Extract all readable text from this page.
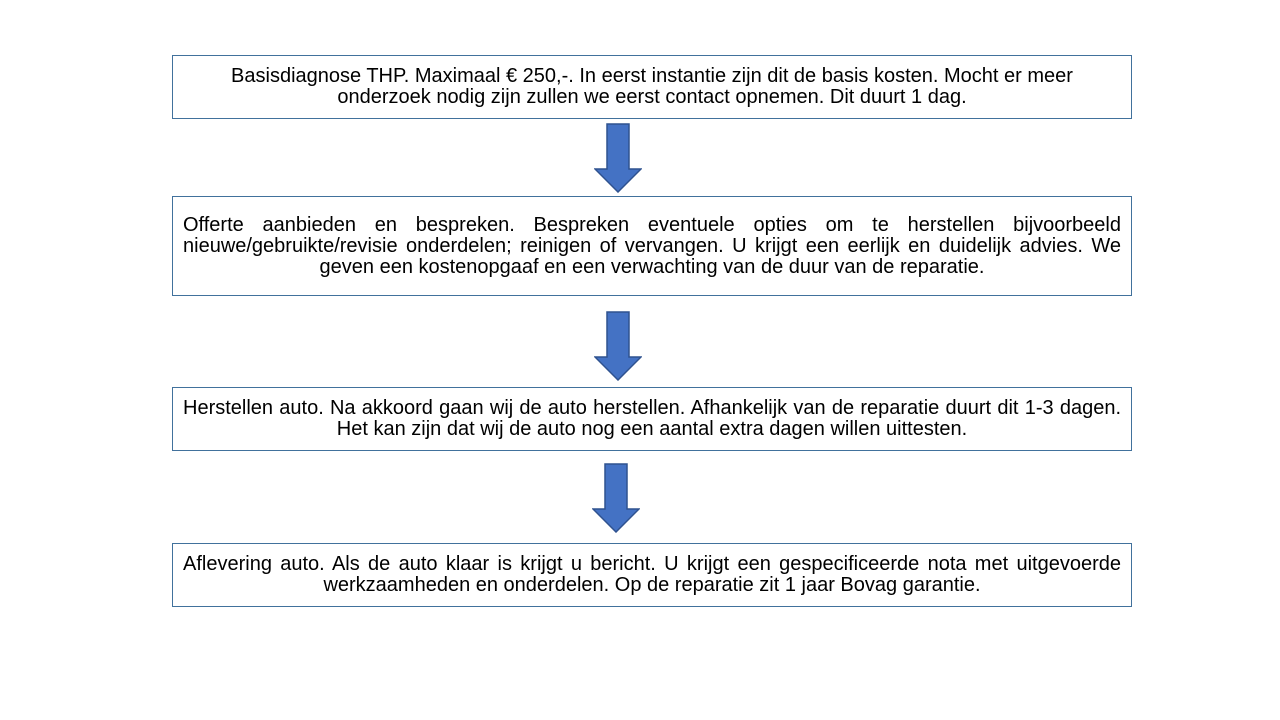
Basisdiagnose THP. Maximaal € 250,-. In eerst instantie zijn dit de basis kosten. Mocht er meer onderzoek nodig zijn zullen we eerst contact opnemen. Dit duurt 1 dag.

Offerte aanbieden en bespreken. Bespreken eventuele opties om te herstellen bijvoorbeeld nieuwe/gebruikte/revisie onderdelen; reinigen of vervangen. U krijgt een eerlijk en duidelijk advies. We geven een kostenopgaaf en een verwachting van de duur van de reparatie.

Herstellen auto. Na akkoord gaan wij de auto herstellen. Afhankelijk van de reparatie duurt dit 1-3 dagen. Het kan zijn dat wij de auto nog een aantal extra dagen willen uittesten.

Aflevering auto. Als de auto klaar is krijgt u bericht. U krijgt een gespecificeerde nota met uitgevoerde werkzaamheden en onderdelen. Op de reparatie zit 1 jaar Bovag garantie.
